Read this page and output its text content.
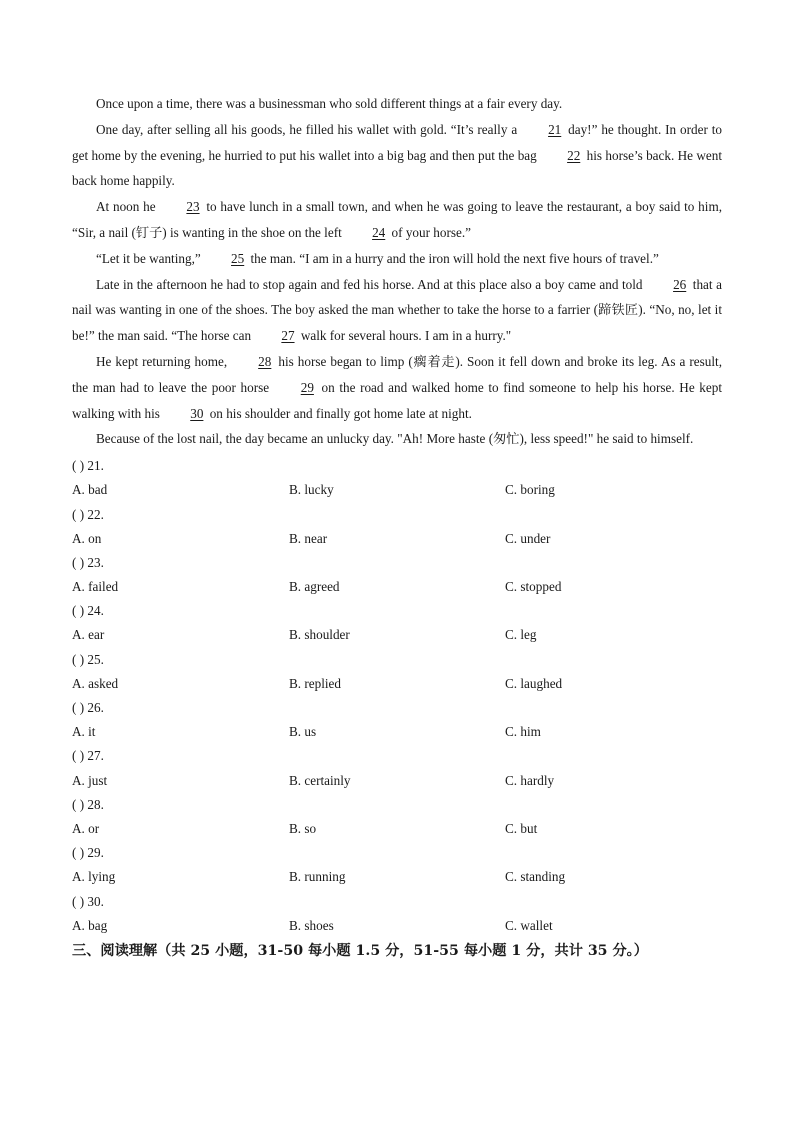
Once upon a time, there was a businessman who sold different things at a fair every day.

One day, after selling all his goods, he filled his wallet with gold. “It’s really a 21 day!” he thought. In order to get home by the evening, he hurried to put his wallet into a big bag and then put the bag 22 his horse’s back. He went back home happily.

At noon he 23 to have lunch in a small town, and when he was going to leave the restaurant, a boy said to him, “Sir, a nail (钉子) is wanting in the shoe on the left 24 of your horse.”

“Let it be wanting,” 25 the man. “I am in a hurry and the iron will hold the next five hours of travel.”

Late in the afternoon he had to stop again and fed his horse. And at this place also a boy came and told 26 that a nail was wanting in one of the shoes. The boy asked the man whether to take the horse to a farrier (蹄铁匠). “No, no, let it be!” the man said. “The horse can 27 walk for several hours. I am in a hurry."

He kept returning home, 28 his horse began to limp (瘸着走). Soon it fell down and broke its leg. As a result, the man had to leave the poor horse 29 on the road and walked home to find someone to help his horse. He kept walking with his 30 on his shoulder and finally got home late at night.

Because of the lost nail, the day became an unlucky day. "Ah! More haste (匆忙), less speed!" he said to himself.

( ) 21.
A. bad	B. lucky	C. boring
( ) 22.
A. on	B. near	C. under
( ) 23.
A. failed	B. agreed	C. stopped
( ) 24.
A. ear	B. shoulder	C. leg
( ) 25.
A. asked	B. replied	C. laughed
( ) 26.
A. it	B. us	C. him
( ) 27.
A. just	B. certainly	C. hardly
( ) 28.
A. or	B. so	C. but
( ) 29.
A. lying	B. running	C. standing
( ) 30.
A. bag	B. shoes	C. wallet
三、阅读理解（共 25 小题，31-50 每小题 1.5 分，51-55 每小题 1 分，共计 35 分。）
